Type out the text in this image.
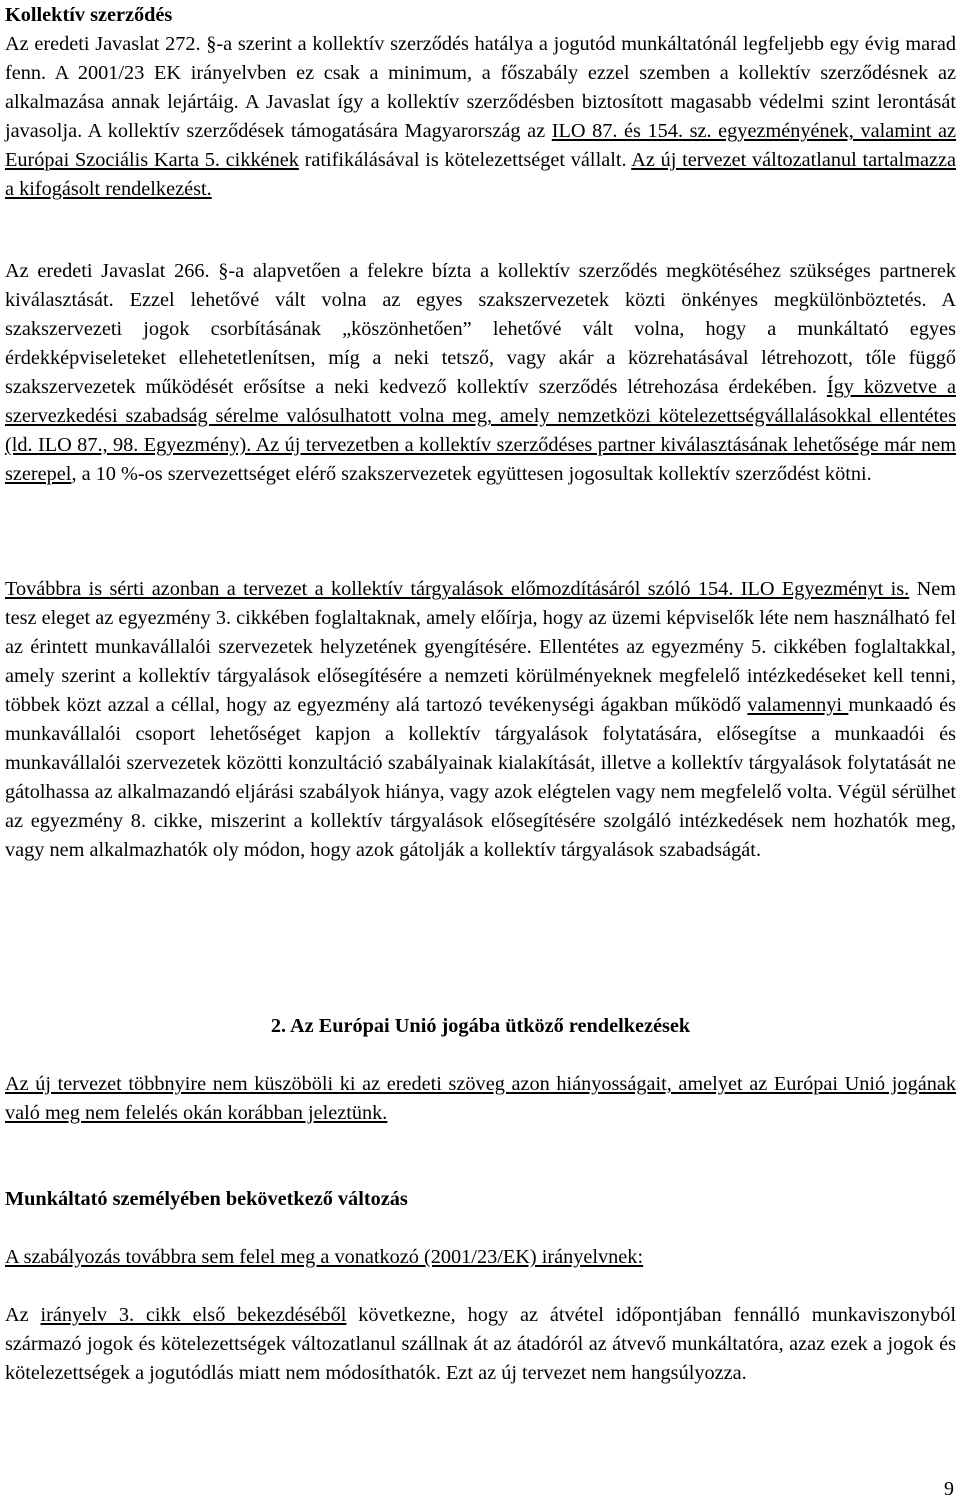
Kollektív szerződés

Az eredeti Javaslat 272. §-a szerint a kollektív szerződés hatálya a jogutód munkáltatónál legfeljebb egy évig marad fenn. A 2001/23 EK irányelvben ez csak a minimum, a főszabály ezzel szemben a kollektív szerződésnek az alkalmazása annak lejártáig. A Javaslat így a kollektív szerződésben biztosított magasabb védelmi szint lerontását javasolja. A kollektív szerződések támogatására Magyarország az ILO 87. és 154. sz. egyezményének, valamint az Európai Szociális Karta 5. cikkének ratifikálásával is kötelezettséget vállalt. Az új tervezet változatlanul tartalmazza a kifogásolt rendelkezést.

Az eredeti Javaslat 266. §-a alapvetően a felekre bízta a kollektív szerződés megkötéséhez szükséges partnerek kiválasztását. Ezzel lehetővé vált volna az egyes szakszervezetek közti önkényes megkülönböztetés. A szakszervezeti jogok csorbításának „köszönhetően” lehetővé vált volna, hogy a munkáltató egyes érdekképviseleteket ellehetetlenítsen, míg a neki tetsző, vagy akár a közrehatásával létrehozott, tőle függő szakszervezetek működését erősítse a neki kedvező kollektív szerződés létrehozása érdekében. Így közvetve a szervezkedési szabadság sérelme valósulhatott volna meg, amely nemzetközi kötelezettségvállalásokkal ellentétes (ld. ILO 87., 98. Egyezmény). Az új tervezetben a kollektív szerződéses partner kiválasztásának lehetősége már nem szerepel, a 10 %-os szervezettséget elérő szakszervezetek együttesen jogosultak kollektív szerződést kötni.

Továbbra is sérti azonban a tervezet a kollektív tárgyalások előmozdításáról szóló 154. ILO Egyezményt is. Nem tesz eleget az egyezmény 3. cikkében foglaltaknak, amely előírja, hogy az üzemi képviselők léte nem használható fel az érintett munkavállalói szervezetek helyzetének gyengítésére. Ellentétes az egyezmény 5. cikkében foglaltakkal, amely szerint a kollektív tárgyalások elősegítésére a nemzeti körülményeknek megfelelő intézkedéseket kell tenni, többek közt azzal a céllal, hogy az egyezmény alá tartozó tevékenységi ágakban működő valamennyi munkaadó és munkavállalói csoport lehetőséget kapjon a kollektív tárgyalások folytatására, elősegítse a munkaadói és munkavállalói szervezetek közötti konzultáció szabályainak kialakítását, illetve a kollektív tárgyalások folytatását ne gátolhassa az alkalmazandó eljárási szabályok hiánya, vagy azok elégtelen vagy nem megfelelő volta. Végül sérülhet az egyezmény 8. cikke, miszerint a kollektív tárgyalások elősegítésére szolgáló intézkedések nem hozhatók meg, vagy nem alkalmazhatók oly módon, hogy azok gátolják a kollektív tárgyalások szabadságát.

2. Az Európai Unió jogába ütköző rendelkezések

Az új tervezet többnyire nem küszöböli ki az eredeti szöveg azon hiányosságait, amelyet az Európai Unió jogának való meg nem felelés okán korábban jeleztünk.

Munkáltató személyében bekövetkező változás

A szabályozás továbbra sem felel meg a vonatkozó (2001/23/EK) irányelvnek:

Az irányelv 3. cikk első bekezdéséből következne, hogy az átvétel időpontjában fennálló munkaviszonyból származó jogok és kötelezettségek változatlanul szállnak át az átadóról az átvevő munkáltatóra, azaz ezek a jogok és kötelezettségek a jogutódlás miatt nem módosíthatók. Ezt az új tervezet nem hangsúlyozza.

9
